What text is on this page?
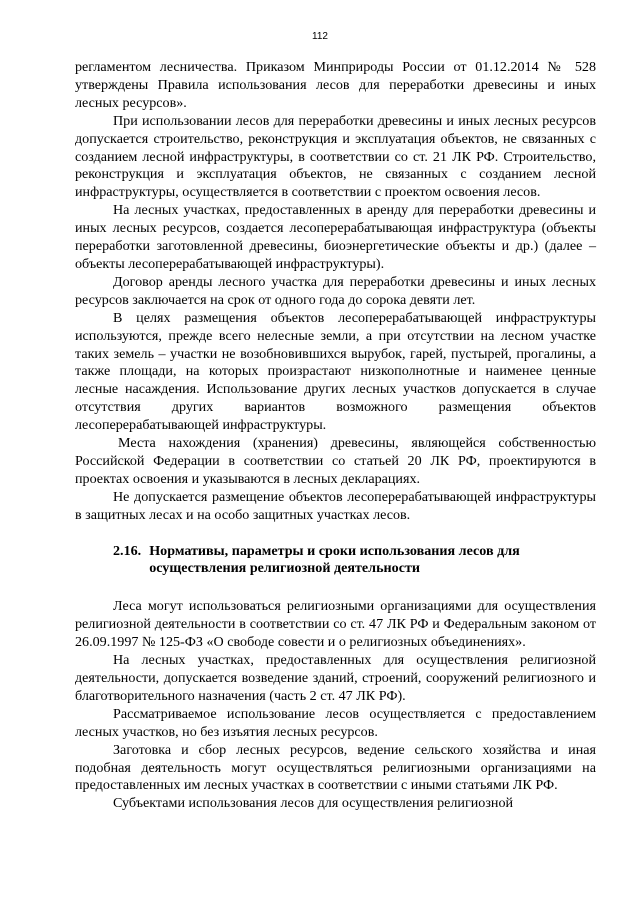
112

регламентом лесничества. Приказом Минприроды России от 01.12.2014 № 528 утверждены Правила использования лесов для переработки древесины и иных лесных ресурсов».

При использовании лесов для переработки древесины и иных лесных ресурсов допускается строительство, реконструкция и эксплуатация объектов, не связанных с созданием лесной инфраструктуры, в соответствии со ст. 21 ЛК РФ. Строительство, реконструкция и эксплуатация объектов, не связанных с созданием лесной инфраструктуры, осуществляется в соответствии с проектом освоения лесов.

На лесных участках, предоставленных в аренду для переработки древесины и иных лесных ресурсов, создается лесоперерабатывающая инфраструктура (объекты переработки заготовленной древесины, биоэнергетические объекты и др.) (далее – объекты лесоперерабатывающей инфраструктуры).

Договор аренды лесного участка для переработки древесины и иных лесных ресурсов заключается на срок от одного года до сорока девяти лет.

В целях размещения объектов лесоперерабатывающей инфраструктуры используются, прежде всего нелесные земли, а при отсутствии на лесном участке таких земель – участки не возобновившихся вырубок, гарей, пустырей, прогалины, а также площади, на которых произрастают низкополнотные и наименее ценные лесные насаждения. Использование других лесных участков допускается в случае отсутствия других вариантов возможного размещения объектов лесоперерабатывающей инфраструктуры.

Места нахождения (хранения) древесины, являющейся собственностью Российской Федерации в соответствии со статьей 20 ЛК РФ, проектируются в проектах освоения и указываются в лесных декларациях.

Не допускается размещение объектов лесоперерабатывающей инфраструктуры в защитных лесах и на особо защитных участках лесов.

2.16. Нормативы, параметры и сроки использования лесов для осуществления религиозной деятельности

Леса могут использоваться религиозными организациями для осуществления религиозной деятельности в соответствии со ст. 47 ЛК РФ и Федеральным законом от 26.09.1997 № 125-ФЗ «О свободе совести и о религиозных объединениях».

На лесных участках, предоставленных для осуществления религиозной деятельности, допускается возведение зданий, строений, сооружений религиозного и благотворительного назначения (часть 2 ст. 47 ЛК РФ).

Рассматриваемое использование лесов осуществляется с предоставлением лесных участков, но без изъятия лесных ресурсов.

Заготовка и сбор лесных ресурсов, ведение сельского хозяйства и иная подобная деятельность могут осуществляться религиозными организациями на предоставленных им лесных участках в соответствии с иными статьями ЛК РФ.

Субъектами использования лесов для осуществления религиозной
